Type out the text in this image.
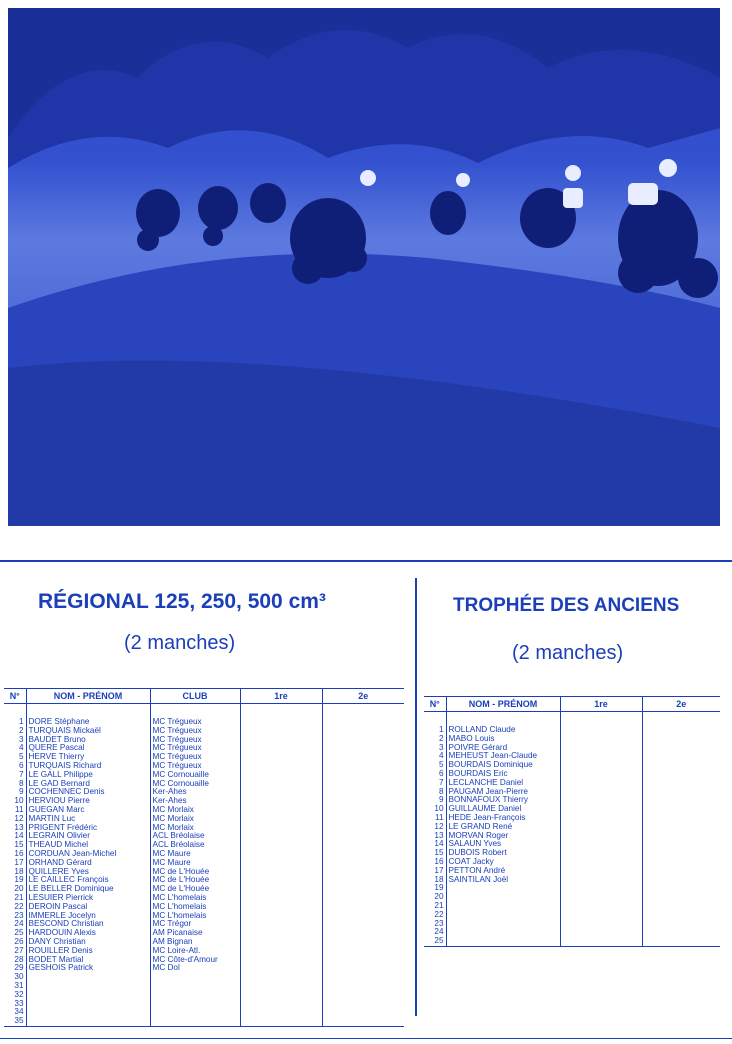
RÉGIONAL 125, 250, 500 cm³
(2 manches)
N°	NOM - PRÉNOM	CLUB	1re	2e

1	DORÉ Stéphane	MC Trégueux		
2	TURQUAIS Mickaël	MC Trégueux		
3	BAUDET Bruno	MC Trégueux		
4	QUÉRÉ Pascal	MC Trégueux		
5	HERVÉ Thierry	MC Trégueux		
6	TURQUAIS Richard	MC Trégueux		
7	LE GALL Philippe	MC Cornouaille		
8	LE GAD Bernard	MC Cornouaille		
9	COCHENNEC Denis	Ker-Ahes		
10	HERVIOU Pierre	Ker-Ahes		
11	GUÉGAN Marc	MC Morlaix		
12	MARTIN Luc	MC Morlaix		
13	PRIGENT Frédéric	MC Morlaix		
14	LEGRAIN Olivier	ACL Bréolaise		
15	THÉAUD Michel	ACL Bréolaise		
16	CORDUAN Jean-Michel	MC Maure		
17	ORHAND Gérard	MC Maure		
18	QUILLERÉ Yves	MC de L'Houée		
19	LE CAILLEC François	MC de L'Houée		
20	LE BELLER Dominique	MC de L'Houée		
21	LESUIER Pierrick	MC L'homelais		
22	DEROIN Pascal	MC L'homelais		
23	IMMERLÉ Jocelyn	MC L'homelais		
24	BESCOND Christian	MC Trégor		
25	HARDOUIN Alexis	AM Picanaise		
26	DANY Christian	AM Bignan		
27	ROUILLER Denis	MC Loire-Atl.		
28	BODET Martial	MC Côte-d'Amour		
29	GESHOIS Patrick	MC Dol		
30				
31				
32				
33				
34				
35				
TROPHÉE DES ANCIENS
(2 manches)
N°	NOM - PRÉNOM	1re	2e

1	ROLLAND Claude		
2	MABO Louis		
3	POIVRÉ Gérard		
4	MÉHEUST Jean-Claude		
5	BOURDAIS Dominique		
6	BOURDAIS Eric		
7	LECLANCHÉ Daniel		
8	PAUGAM Jean-Pierre		
9	BONNAFOUX Thierry		
10	GUILLAUME Daniel		
11	HÉDÉ Jean-François		
12	LE GRAND René		
13	MORVAN Roger		
14	SALAUN Yves		
15	DUBOIS Robert		
16	COAT Jacky		
17	PETTON André		
18	SAINTILAN Joël		
19			
20			
21			
22			
23			
24			
25			
